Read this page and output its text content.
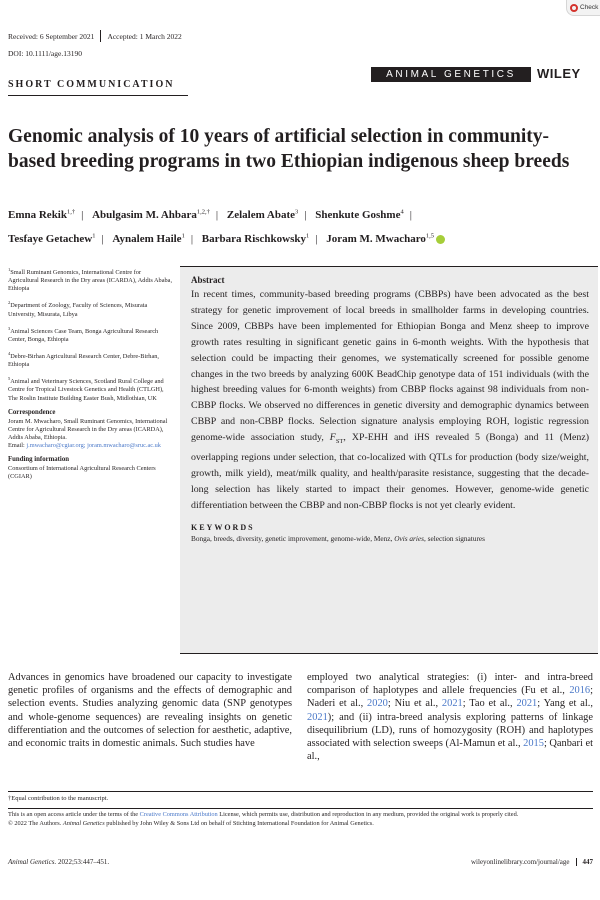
Check
Received: 6 September 2021 Accepted: 1 March 2022
DOI: 10.1111/age.13190
SHORT COMMUNICATION
ANIMAL GENETICS	WILEY
Genomic analysis of 10 years of artificial selection in community-based breeding programs in two Ethiopian indigenous sheep breeds
Emna Rekik$^{1,\dagger}$ | Abulgasim M. Ahbara$^{1,2,\dagger}$ | Zelalem Abate$^3$ | Shenkute Goshme$^4$ |
Tesfaye Getachew$^1$ | Aynalem Haile$^1$ | Barbara Rischkowsky$^1$ | Joram M. Mwacharo$^{1,5}$

$^1$Small Ruminant Genomics, International Centre for Agricultural Research in the Dry areas (ICARDA), Addis Ababa, Ethiopia

$^2$Department of Zoology, Faculty of Sciences, Misurata University, Misurata, Libya

$^3$Animal Sciences Case Team, Bonga Agricultural Research Center, Bonga, Ethiopia

$^4$Debre-Birhan Agricultural Research Center, Debre-Birhan, Ethiopia

$^5$Animal and Veterinary Sciences, Scotland Rural College and Centre for Tropical Livestock Genetics and Health (CTLGH), The Roslin Institute Building Easter Bush, Midlothian, UK

Correspondence

Joram M. Mwacharo, Small Ruminant Genomics, International Centre for Agricultural Research in the Dry areas (ICARDA), Addis Ababa, Ethiopia.
Email: j.mwacharo@cgiar.org; joram.mwacharo@sruc.ac.uk

Funding information

Consortium of International Agricultural Research Centers (CGIAR)

Abstract

In recent times, community-based breeding programs (CBBPs) have been advocated as the best strategy for genetic improvement of local breeds in smallholder farms in developing countries. Since 2009, CBBPs have been implemented for Ethiopian Bonga and Menz sheep to improve growth rates resulting in significant genetic gains in 6-month weights. With the hypothesis that selection could be impacting their genomes, we systematically screened for possible genome changes in the two breeds by analyzing 600K BeadChip genotype data of 151 individuals (with the highest breeding values for 6-month weights) from CBBP flocks against 98 individuals from non-CBBP flocks. We observed no differences in genetic diversity and demographic dynamics between CBBP and non-CBBP flocks. Selection signature analysis employing ROH, logistic regression genome-wide association study, $F_{ST}$, XP-EHH and iHS revealed 5 (Bonga) and 11 (Menz) overlapping regions under selection, that co-localized with QTLs for production (body size/weight, growth, milk yield), meat/milk quality, and health/parasite resistance, suggesting that the decade-long selection has likely started to impact their genomes. However, genome-wide genetic differentiation between the CBBP and non-CBBP flocks is not yet clearly evident.

KEYWORDS

Bonga, breeds, diversity, genetic improvement, genome-wide, Menz, Ovis aries, selection signatures

Advances in genomics have broadened our capacity to investigate genetic profiles of organisms and the effects of demographic and selection events. Studies analyzing genomic data (SNP genotypes and whole-genome sequences) are revealing insights on genetic differentiation and the outcomes of selection for aesthetic, adaptive, and economic traits in domestic animals. Such studies have
employed two analytical strategies: (i) inter- and intra-breed comparison of haplotypes and allele frequencies (Fu et al., 2016; Naderi et al., 2020; Niu et al., 2021; Tao et al., 2021; Yang et al., 2021); and (ii) intra-breed analysis exploring patterns of linkage disequilibrium (LD), runs of homozygosity (ROH) and haplotypes associated with selection sweeps (Al-Mamun et al., 2015; Qanbari et al.,
†Equal contribution to the manuscript.
This is an open access article under the terms of the Creative Commons Attribution License, which permits use, distribution and reproduction in any medium, provided the original work is properly cited.
© 2022 The Authors. Animal Genetics published by John Wiley & Sons Ltd on behalf of Stichting International Foundation for Animal Genetics.
Animal Genetics. 2022;53:447–451.	wileyonlinelibrary.com/journal/age 447
